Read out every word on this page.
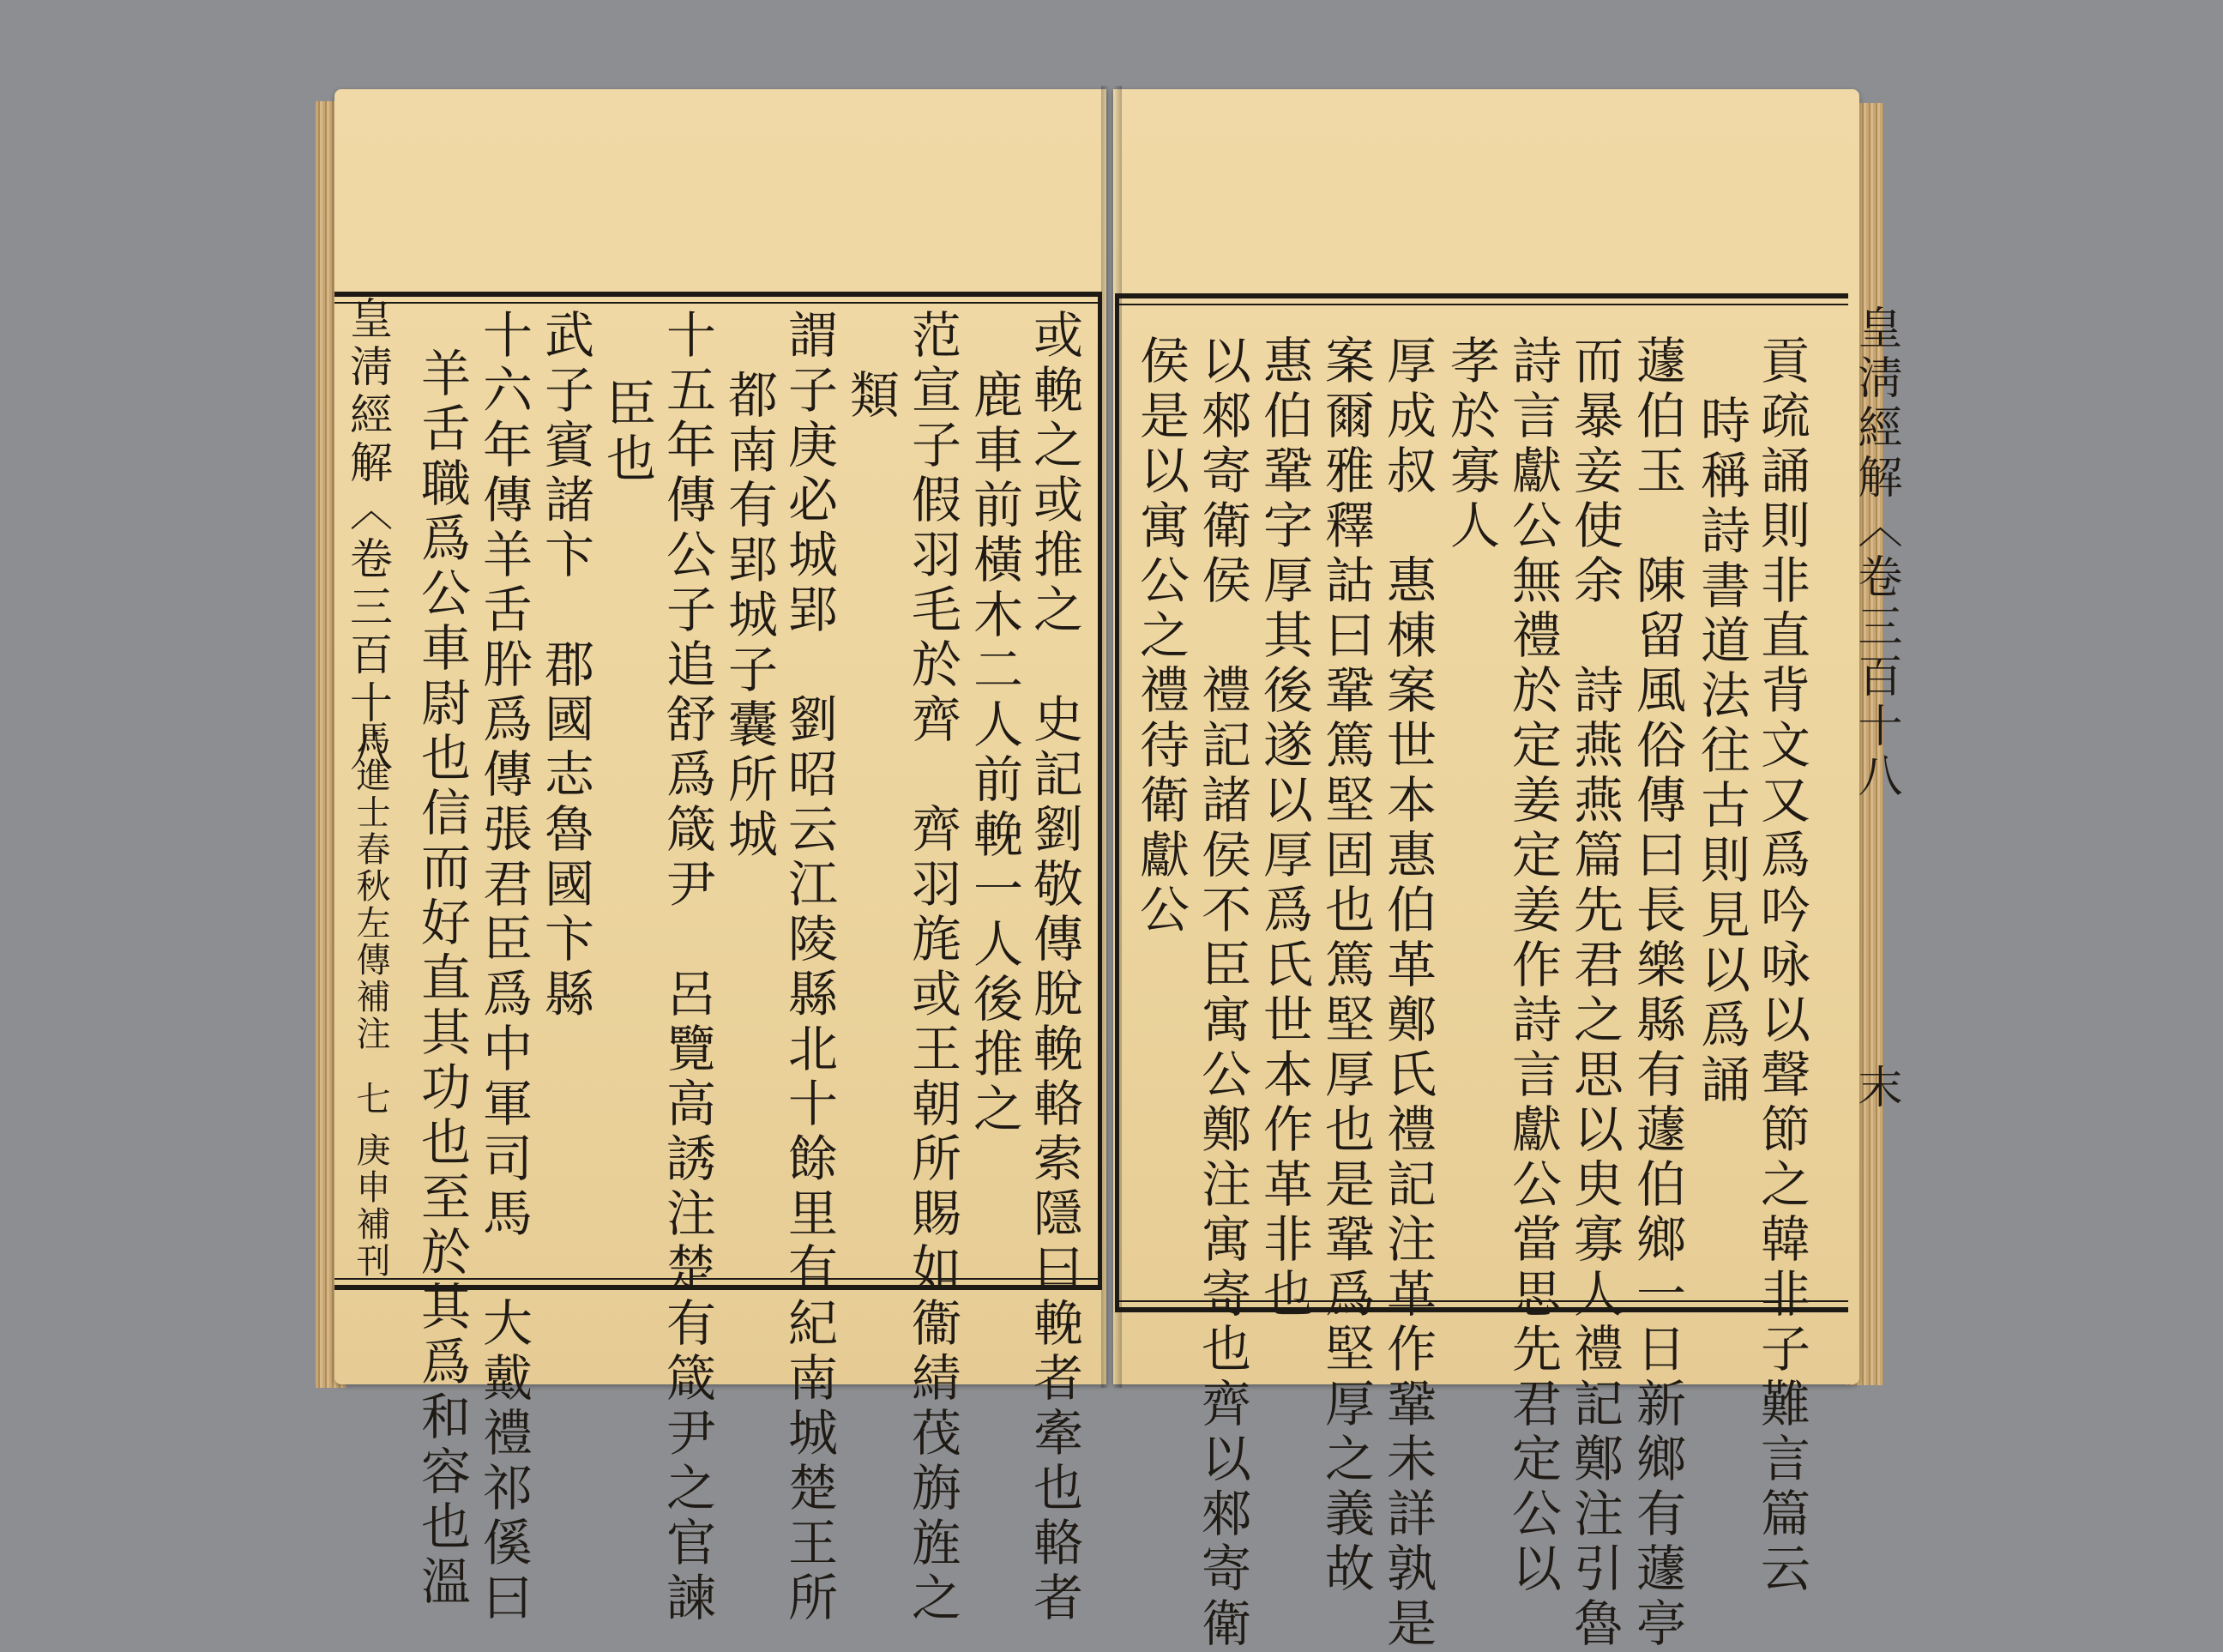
皇淸經解〈卷三百十八
末
貢疏誦則非直背文又爲吟咏以聲節之韓非子難言篇云
時稱詩書道法往古則見以爲誦
蘧伯玉　陳留風俗傳曰長樂縣有蘧伯鄉一日新鄉有蘧亭
而暴妾使余　詩燕燕篇先君之思以㬰寡人禮記鄭注引魯
詩言獻公無禮於定姜定姜作詩言獻公當思先君定公以
孝於寡人
厚成叔　惠棟案世本惠伯革鄭氏禮記注革作鞏未詳孰是
案爾雅釋詁曰鞏篤堅固也篤堅厚也是鞏爲堅厚之義故
惠伯鞏字厚其後遂以厚爲氏世本作革非也
以郲寄衛侯　禮記諸侯不臣寓公鄭注寓寄也齊以郲寄衛
侯是以寓公之禮待衛獻公
或輓之或推之　史記劉敬傳脫輓輅索隱曰輓者牽也輅者
鹿車前橫木二人前輓一人後推之
范宣子假羽毛於齊　齊羽旄或王朝所賜如衞綪茷旃旌之
類
謂子庚必城郢　劉昭云江陵縣北十餘里有紀南城楚王所
都南有郢城子囊所城
十五年傳公子追舒爲箴尹　呂覽高誘注楚有箴尹之官諫
臣也
武子賓諸卞　郡國志魯國卞縣
十六年傳羊舌肸爲傳張君臣爲中軍司馬　大戴禮祁傒曰
羊舌職爲公車尉也信而好直其功也至於其爲和容也溫
皇淸經解〈卷三百十八
馬進士春秋左傳補注
七
庚申補刊
